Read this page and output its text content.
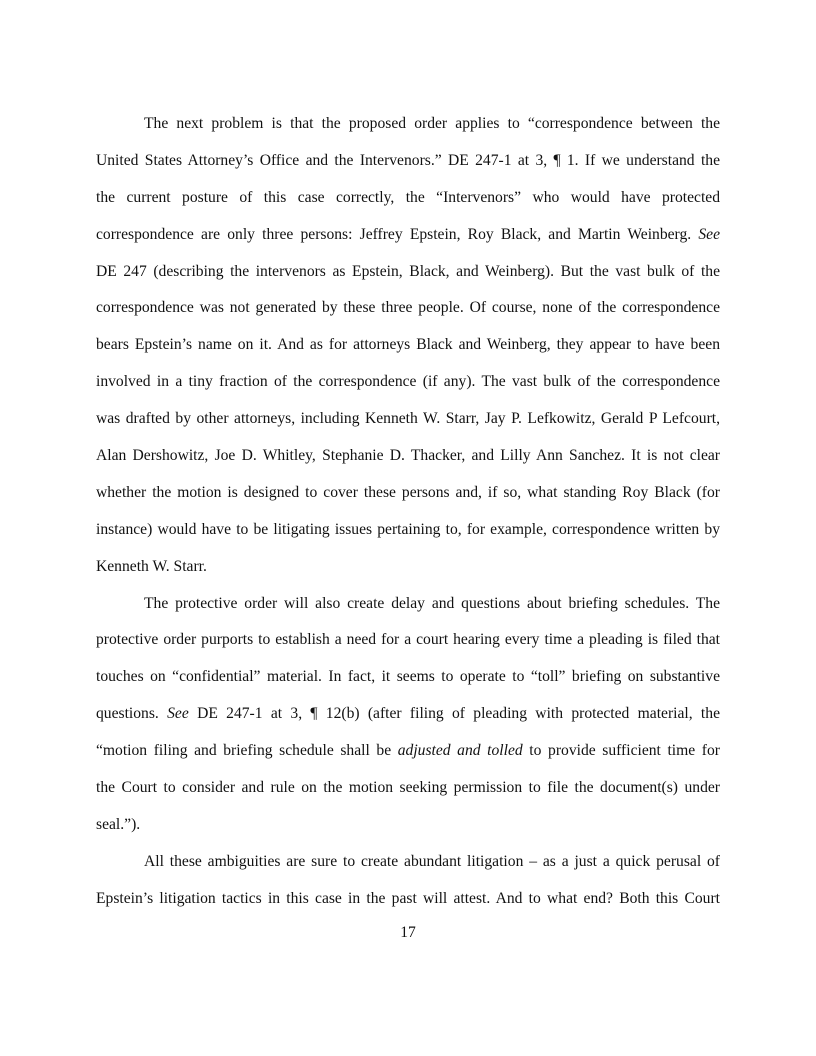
The next problem is that the proposed order applies to “correspondence between the
United States Attorney’s Office and the Intervenors.” DE 247-1 at 3, ¶ 1. If we understand the
the current posture of this case correctly, the “Intervenors” who would have protected
correspondence are only three persons: Jeffrey Epstein, Roy Black, and Martin Weinberg. See
DE 247 (describing the intervenors as Epstein, Black, and Weinberg). But the vast bulk of the
correspondence was not generated by these three people. Of course, none of the correspondence
bears Epstein’s name on it. And as for attorneys Black and Weinberg, they appear to have been
involved in a tiny fraction of the correspondence (if any). The vast bulk of the correspondence
was drafted by other attorneys, including Kenneth W. Starr, Jay P. Lefkowitz, Gerald P Lefcourt,
Alan Dershowitz, Joe D. Whitley, Stephanie D. Thacker, and Lilly Ann Sanchez. It is not clear
whether the motion is designed to cover these persons and, if so, what standing Roy Black (for
instance) would have to be litigating issues pertaining to, for example, correspondence written by
Kenneth W. Starr.
The protective order will also create delay and questions about briefing schedules. The
protective order purports to establish a need for a court hearing every time a pleading is filed that
touches on “confidential” material. In fact, it seems to operate to “toll” briefing on substantive
questions. See DE 247-1 at 3, ¶ 12(b) (after filing of pleading with protected material, the
“motion filing and briefing schedule shall be adjusted and tolled to provide sufficient time for
the Court to consider and rule on the motion seeking permission to file the document(s) under
seal.”).
All these ambiguities are sure to create abundant litigation – as a just a quick perusal of
Epstein’s litigation tactics in this case in the past will attest. And to what end? Both this Court
17
